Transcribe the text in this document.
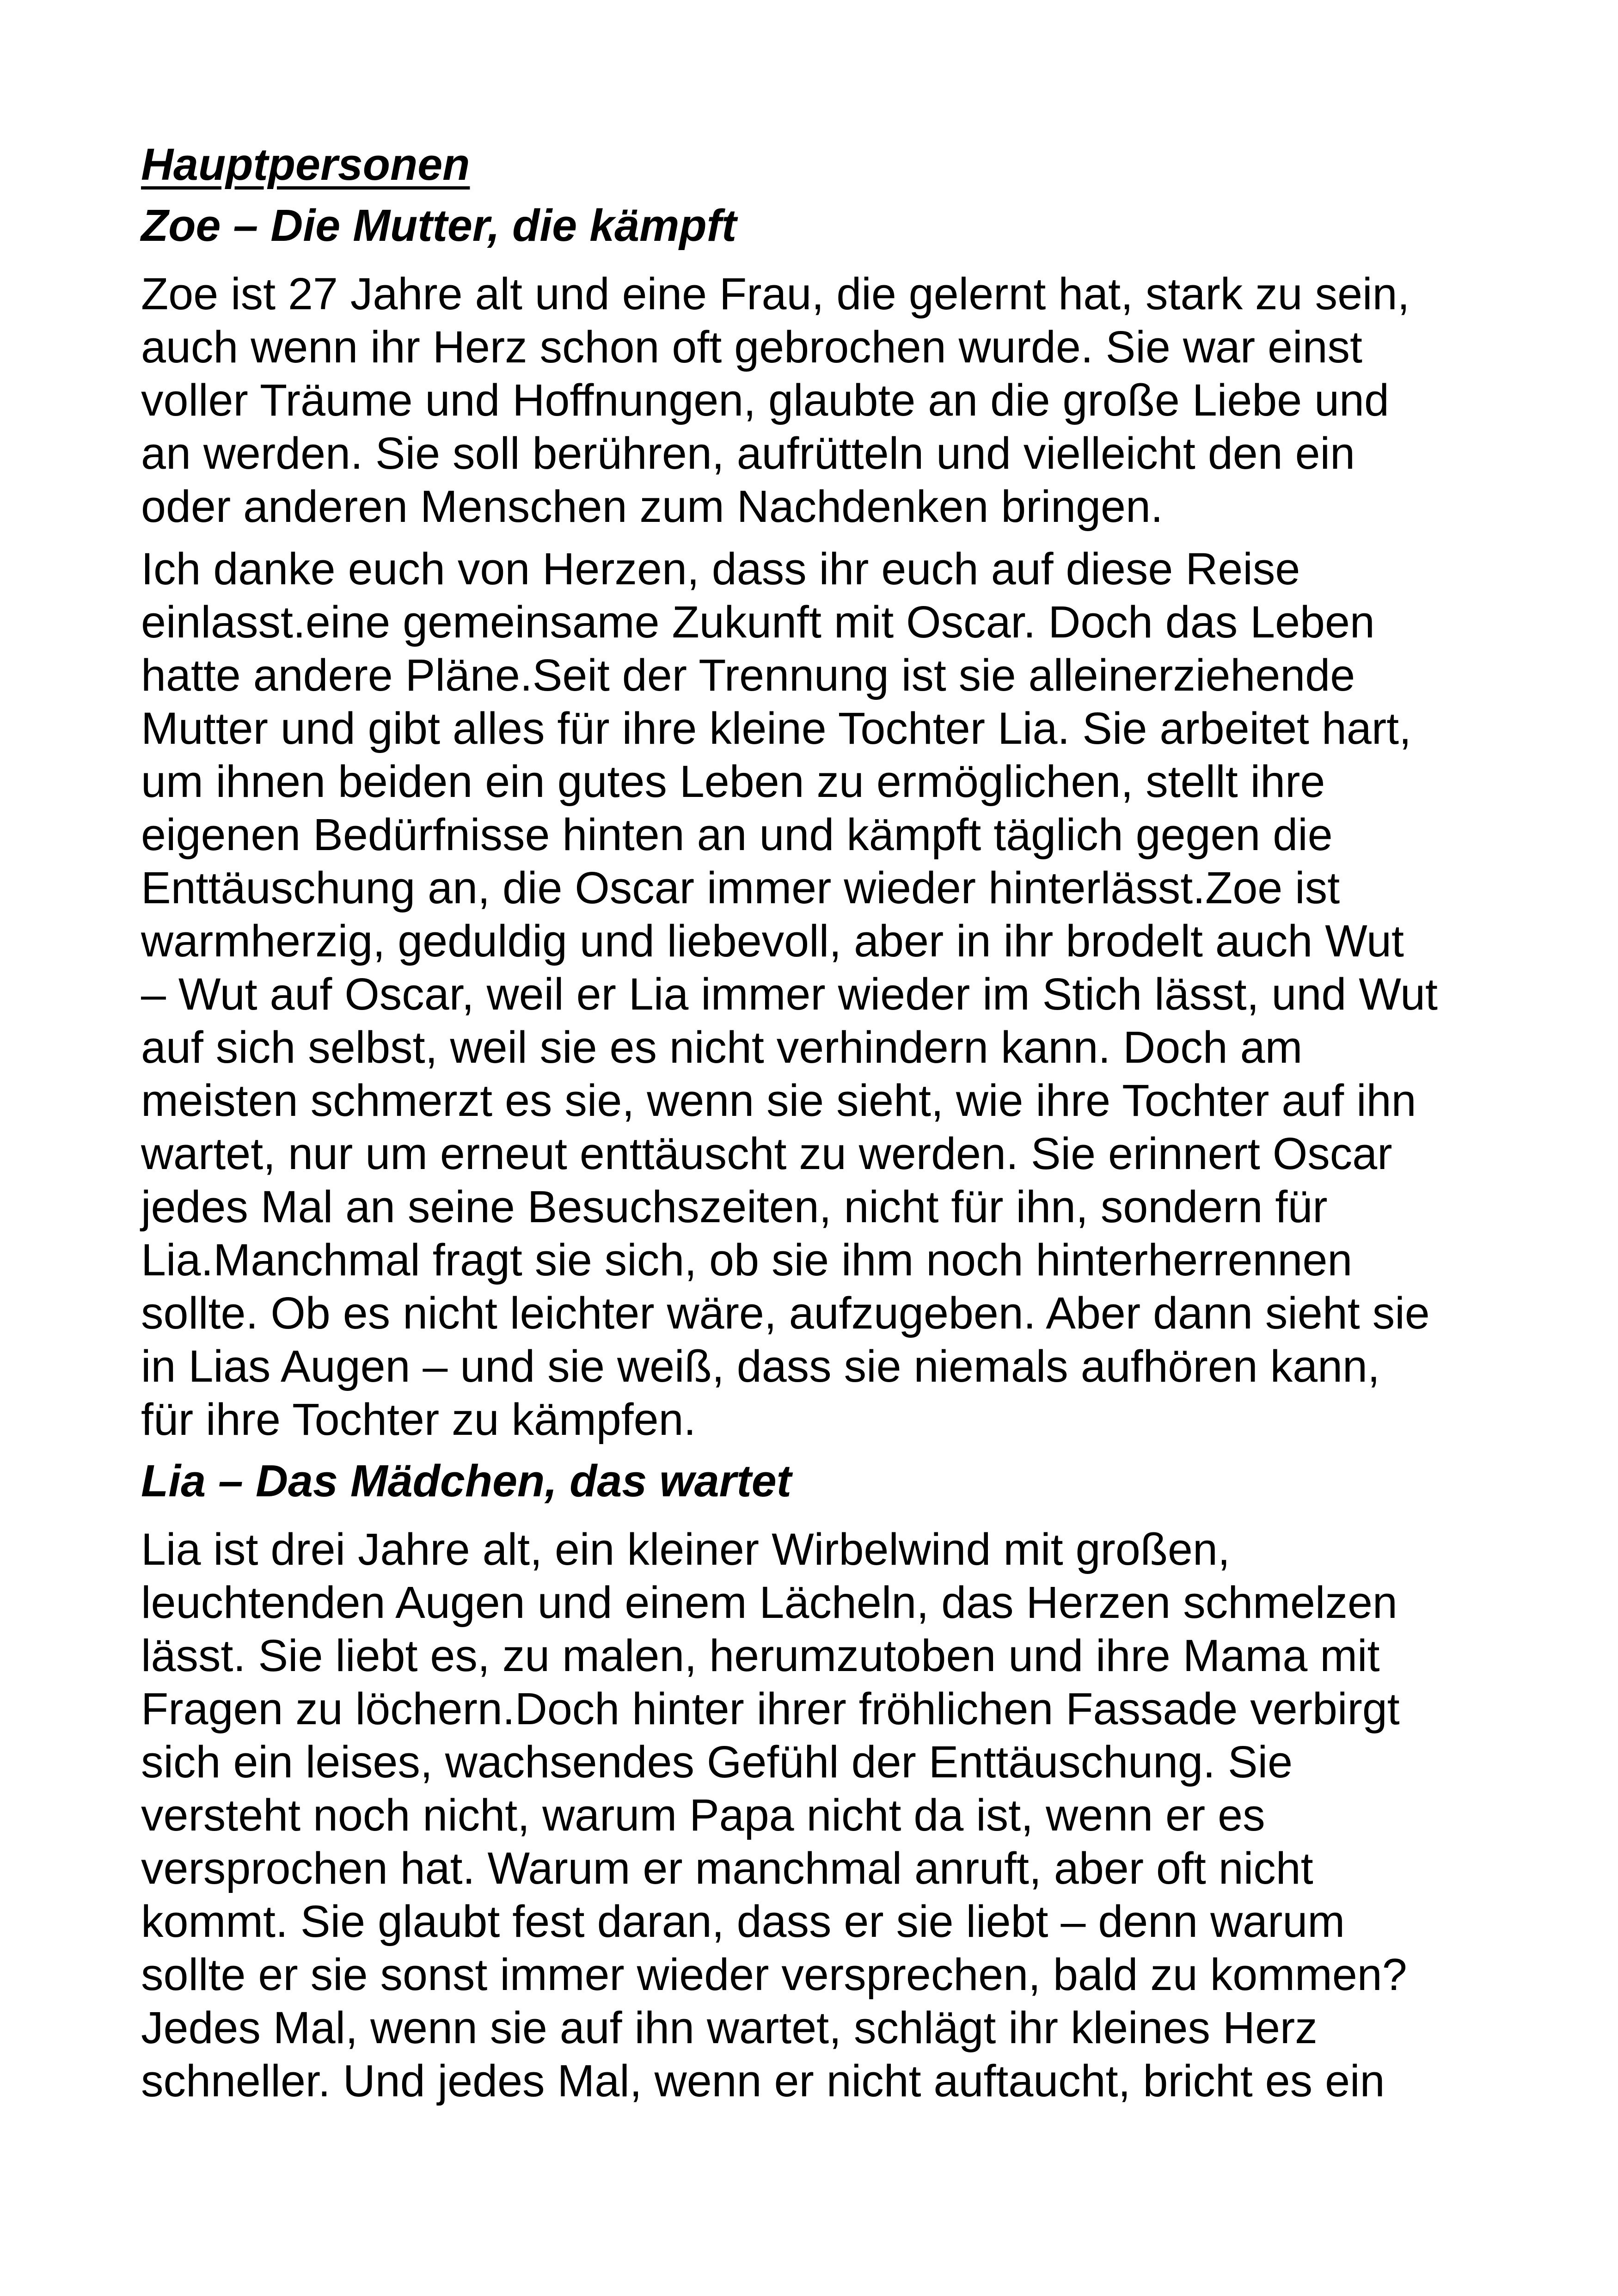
Hauptpersonen
Zoe – Die Mutter, die kämpft

Zoe ist 27 Jahre alt und eine Frau, die gelernt hat, stark zu sein,
auch wenn ihr Herz schon oft gebrochen wurde. Sie war einst
voller Träume und Hoffnungen, glaubte an die große Liebe und
an werden. Sie soll berühren, aufrütteln und vielleicht den ein
oder anderen Menschen zum Nachdenken bringen.

Ich danke euch von Herzen, dass ihr euch auf diese Reise
einlasst.eine gemeinsame Zukunft mit Oscar. Doch das Leben
hatte andere Pläne.Seit der Trennung ist sie alleinerziehende
Mutter und gibt alles für ihre kleine Tochter Lia. Sie arbeitet hart,
um ihnen beiden ein gutes Leben zu ermöglichen, stellt ihre
eigenen Bedürfnisse hinten an und kämpft täglich gegen die
Enttäuschung an, die Oscar immer wieder hinterlässt.Zoe ist
warmherzig, geduldig und liebevoll, aber in ihr brodelt auch Wut
– Wut auf Oscar, weil er Lia immer wieder im Stich lässt, und Wut
auf sich selbst, weil sie es nicht verhindern kann. Doch am
meisten schmerzt es sie, wenn sie sieht, wie ihre Tochter auf ihn
wartet, nur um erneut enttäuscht zu werden. Sie erinnert Oscar
jedes Mal an seine Besuchszeiten, nicht für ihn, sondern für
Lia.Manchmal fragt sie sich, ob sie ihm noch hinterherrennen
sollte. Ob es nicht leichter wäre, aufzugeben. Aber dann sieht sie
in Lias Augen – und sie weiß, dass sie niemals aufhören kann,
für ihre Tochter zu kämpfen.

Lia – Das Mädchen, das wartet

Lia ist drei Jahre alt, ein kleiner Wirbelwind mit großen,
leuchtenden Augen und einem Lächeln, das Herzen schmelzen
lässt. Sie liebt es, zu malen, herumzutoben und ihre Mama mit
Fragen zu löchern.Doch hinter ihrer fröhlichen Fassade verbirgt
sich ein leises, wachsendes Gefühl der Enttäuschung. Sie
versteht noch nicht, warum Papa nicht da ist, wenn er es
versprochen hat. Warum er manchmal anruft, aber oft nicht
kommt. Sie glaubt fest daran, dass er sie liebt – denn warum
sollte er sie sonst immer wieder versprechen, bald zu kommen?
Jedes Mal, wenn sie auf ihn wartet, schlägt ihr kleines Herz
schneller. Und jedes Mal, wenn er nicht auftaucht, bricht es ein
